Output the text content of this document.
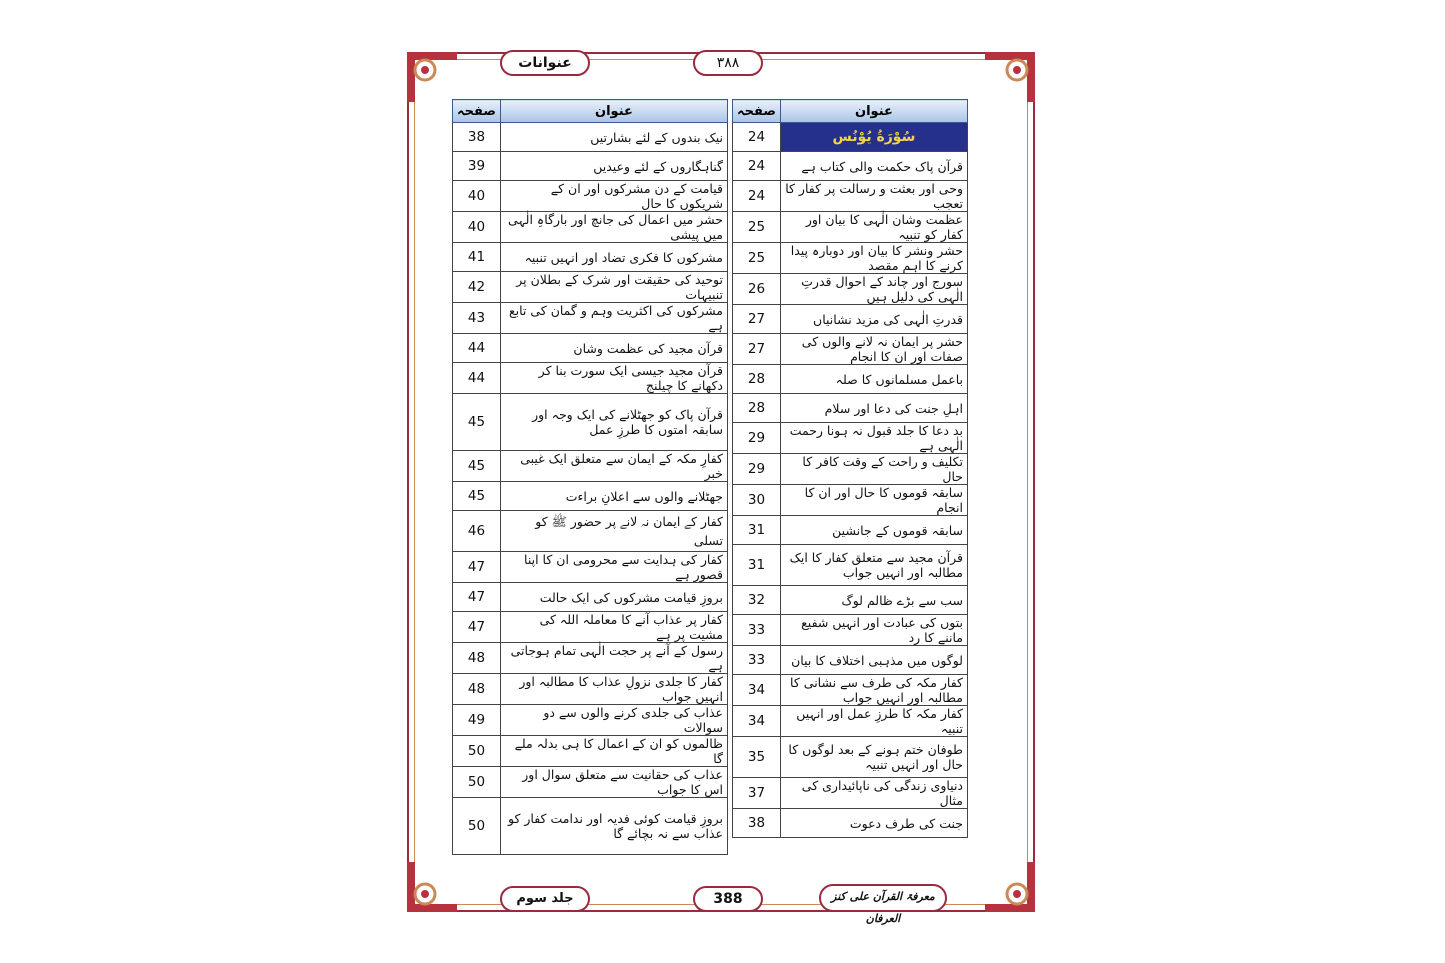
عنوانات	۳۸۸
صفحہ	عنوان
38	نیک بندوں کے لئے بشارتیں
39	گناہگاروں کے لئے وعیدیں
40	قیامت کے دن مشرکوں اور ان کے شریکوں کا حال
40	حشر میں اعمال کی جانچ اور بارگاہِ الٰہی میں پیشی
41	مشرکوں کا فکری تضاد اور انہیں تنبیہ
42	توحید کی حقیقت اور شرک کے بطلان پر تنبیہات
43	مشرکوں کی اکثریت وہم و گمان کی تابع ہے
44	قرآن مجید کی عظمت وشان
44	قرآن مجید جیسی ایک سورت بنا کر دکھانے کا چیلنج
45	قرآن پاک کو جھٹلانے کی ایک وجہ اور سابقہ امتوں کا طرزِ عمل
45	کفارِ مکہ کے ایمان سے متعلق ایک غیبی خبر
45	جھٹلانے والوں سے اعلانِ براءت
46	کفار کے ایمان نہ لانے پر حضور ﷺ کو تسلی
47	کفار کی ہدایت سے محرومی ان کا اپنا قصور ہے
47	بروزِ قیامت مشرکوں کی ایک حالت
47	کفار پر عذاب آنے کا معاملہ اللہ کی مشیت پر ہے
48	رسول کے آنے پر حجت الٰہی تمام ہوجاتی ہے
48	کفار کا جلدی نزولِ عذاب کا مطالبہ اور انہیں جواب
49	عذاب کی جلدی کرنے والوں سے دو سوالات
50	ظالموں کو ان کے اعمال کا ہی بدلہ ملے گا
50	عذاب کی حقانیت سے متعلق سوال اور اس کا جواب
50	بروزِ قیامت کوئی فدیہ اور ندامت کفار کو عذاب سے نہ بچائے گا
صفحہ	عنوان
24	سُوْرَةُ يُوْنُس
24	قرآن پاک حکمت والی کتاب ہے
24	وحی اور بعثت و رسالت پر کفار کا تعجب
25	عظمت وشان الٰہی کا بیان اور کفار کو تنبیہ
25	حشر ونشر کا بیان اور دوبارہ پیدا کرنے کا اہم مقصد
26	سورج اور چاند کے احوال قدرتِ الٰہی کی دلیل ہیں
27	قدرتِ الٰہی کی مزید نشانیاں
27	حشر پر ایمان نہ لانے والوں کی صفات اور ان کا انجام
28	باعمل مسلمانوں کا صلہ
28	اہلِ جنت کی دعا اور سلام
29	بد دعا کا جلد قبول نہ ہونا رحمت الٰہی ہے
29	تکلیف و راحت کے وقت کافر کا حال
30	سابقہ قوموں کا حال اور ان کا انجام
31	سابقہ قوموں کے جانشین
31	قرآن مجید سے متعلق کفار کا ایک مطالبہ اور انہیں جواب
32	سب سے بڑے ظالم لوگ
33	بتوں کی عبادت اور انہیں شفیع ماننے کا رد
33	لوگوں میں مذہبی اختلاف کا بیان
34	کفار مکہ کی طرف سے نشانی کا مطالبہ اور انہیں جواب
34	کفار مکہ کا طرزِ عمل اور انہیں تنبیہ
35	طوفان ختم ہونے کے بعد لوگوں کا حال اور انہیں تنبیہ
37	دنیاوی زندگی کی ناپائیداری کی مثال
38	جنت کی طرف دعوت
جلد سوم	388	معرفۃ القرآن علی کنز العرفان
